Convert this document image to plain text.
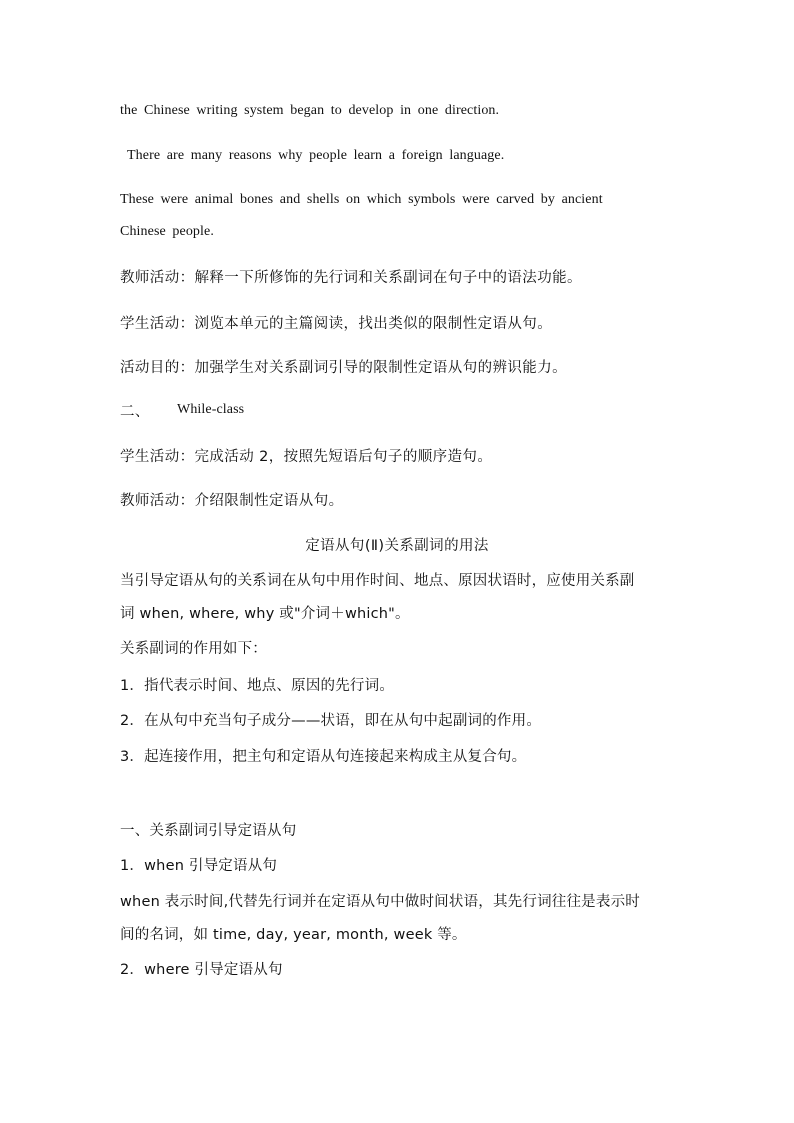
the Chinese writing system began to develop in one direction.
There are many reasons why people learn a foreign language.
These were animal bones and shells on which symbols were carved by ancient
Chinese people.
教师活动：解释一下所修饰的先行词和关系副词在句子中的语法功能。
学生活动：浏览本单元的主篇阅读，找出类似的限制性定语从句。
活动目的：加强学生对关系副词引导的限制性定语从句的辨识能力。
二、 While-class
学生活动：完成活动 2，按照先短语后句子的顺序造句。
教师活动：介绍限制性定语从句。
定语从句(Ⅱ)关系副词的用法
当引导定语从句的关系词在从句中用作时间、地点、原因状语时，应使用关系副
词 when, where, why 或"介词＋which"。
关系副词的作用如下：
1．指代表示时间、地点、原因的先行词。
2．在从句中充当句子成分——状语，即在从句中起副词的作用。
3．起连接作用，把主句和定语从句连接起来构成主从复合句。
一、关系副词引导定语从句
1．when 引导定语从句
when 表示时间,代替先行词并在定语从句中做时间状语，其先行词往往是表示时
间的名词，如 time, day, year, month, week 等。
2．where 引导定语从句
